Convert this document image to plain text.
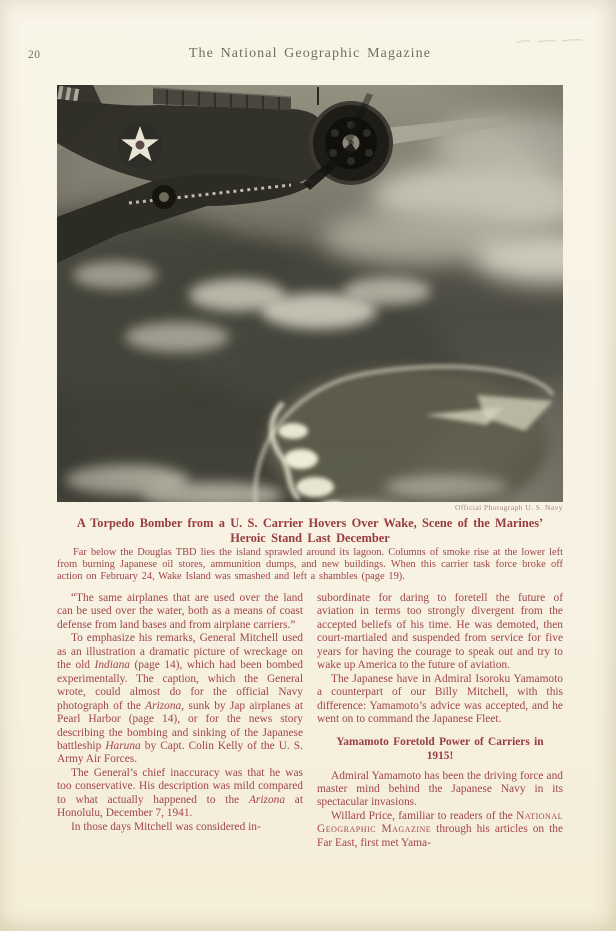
20	The National Geographic Magazine
Official Photograph U. S. Navy
A Torpedo Bomber from a U. S. Carrier Hovers Over Wake, Scene of the Marines’
Heroic Stand Last December

Far below the Douglas TBD lies the island sprawled around its lagoon. Columns of smoke rise at the lower left from burning Japanese oil stores, ammunition dumps, and new buildings. When this carrier task force broke off action on February 24, Wake Island was smashed and left a shambles (page 19).

“The same airplanes that are used over the land can be used over the water, both as a means of coast defense from land bases and from airplane carriers.”

To emphasize his remarks, General Mitchell used as an illustration a dramatic picture of wreckage on the old Indiana (page 14), which had been bombed experimentally. The caption, which the General wrote, could almost do for the official Navy photograph of the Arizona, sunk by Jap airplanes at Pearl Harbor (page 14), or for the news story describing the bombing and sinking of the Japanese battleship Haruna by Capt. Colin Kelly of the U. S. Army Air Forces.

The General’s chief inaccuracy was that he was too conservative. His description was mild compared to what actually happened to the Arizona at Honolulu, December 7, 1941.

In those days Mitchell was considered in-

subordinate for daring to foretell the future of aviation in terms too strongly divergent from the accepted beliefs of his time. He was demoted, then court-martialed and suspended from service for five years for having the courage to speak out and try to wake up America to the future of aviation.

The Japanese have in Admiral Isoroku Yamamoto a counterpart of our Billy Mitchell, with this difference: Yamamoto’s advice was accepted, and he went on to command the Japanese Fleet.

Yamamoto Foretold Power of Carriers in 1915!

Admiral Yamamoto has been the driving force and master mind behind the Japanese Navy in its spectacular invasions.

Willard Price, familiar to readers of the National Geographic Magazine through his articles on the Far East, first met Yama-
